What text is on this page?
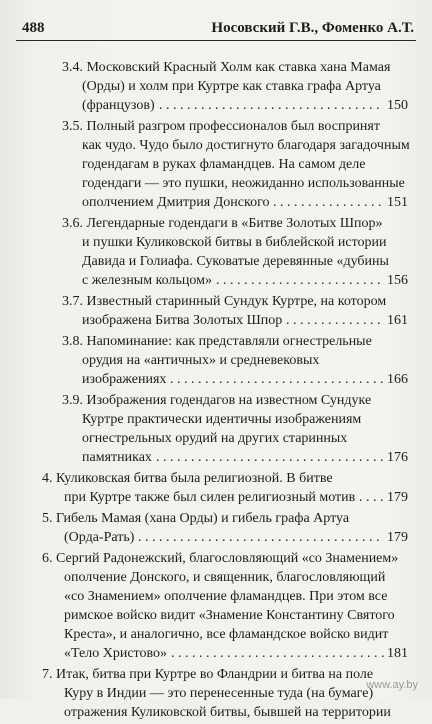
488	Носовский Г.В., Фоменко А.Т.
3.4. Московский Красный Холм как ставка хана Мамая
(Орды) и холм при Куртре как ставка графа Артуа
(французов)	150
. . .
3.5. Полный разгром профессионалов был воспринят
как чудо. Чудо было достигнуто благодаря загадочным
годендагам в руках фламандцев. На самом деле
годендаги — это пушки, неожиданно использованные
ополчением Дмитрия Донского	151
. . .
3.6. Легендарные годендаги в «Битве Золотых Шпор»
и пушки Куликовской битвы в библейской истории
Давида и Голиафа. Суковатые деревянные «дубины
с железным кольцом»	156
. . .
3.7. Известный старинный Сундук Куртре, на котором
изображена Битва Золотых Шпор	161
. . .
3.8. Напоминание: как представляли огнестрельные
орудия на «античных» и средневековых
изображениях	166
. . .
3.9. Изображения годендагов на известном Сундуке
Куртре практически идентичны изображениям
огнестрельных орудий на других старинных
памятниках	176
. . .
4. Куликовская битва была религиозной. В битве
при Куртре также был силен религиозный мотив 179
. . .
5. Гибель Мамая (хана Орды) и гибель графа Артуа
(Орда-Рать)	179
. . .
6. Сергий Радонежский, благословляющий «со Знамением»
ополчение Донского, и священник, благословляющий
«со Знамением» ополчение фламандцев. При этом все
римское войско видит «Знамение Константину Святого
Креста», и аналогично, все фламандское войско видит
«Тело Христово»	181
. . .
7. Итак, битва при Куртре во Фландрии и битва на поле
Куру в Индии — это перенесенные туда (на бумаге)
отражения Куликовской битвы, бывшей на территории
www.ay.by
